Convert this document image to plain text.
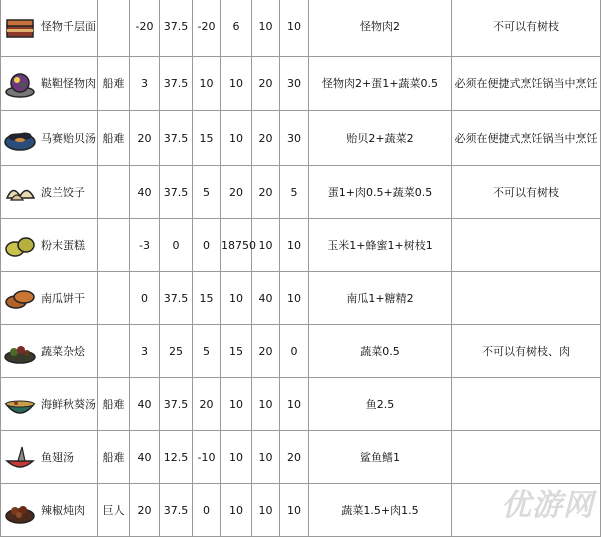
怪物千层面		-20	37.5	-20	6	10	10	怪物肉2	不可以有树枝
鞑靼怪物肉	船难	3	37.5	10	10	20	30	怪物肉2+蛋1+蔬菜0.5	必须在便捷式烹饪锅当中烹饪
马赛贻贝汤	船难	20	37.5	15	10	20	30	贻贝2+蔬菜2	必须在便捷式烹饪锅当中烹饪
波兰饺子		40	37.5	5	20	20	5	蛋1+肉0.5+蔬菜0.5	不可以有树枝
粉末蛋糕		-3	0	0	18750	10	10	玉米1+蜂蜜1+树枝1	
南瓜饼干		0	37.5	15	10	40	10	南瓜1+糖精2	
蔬菜杂烩		3	25	5	15	20	0	蔬菜0.5	不可以有树枝、肉
海鲜秋葵汤	船难	40	37.5	20	10	10	10	鱼2.5	
鱼翅汤	船难	40	12.5	-10	10	10	20	鲨鱼鳍1	
辣椒炖肉	巨人	20	37.5	0	10	10	10	蔬菜1.5+肉1.5		优游网
